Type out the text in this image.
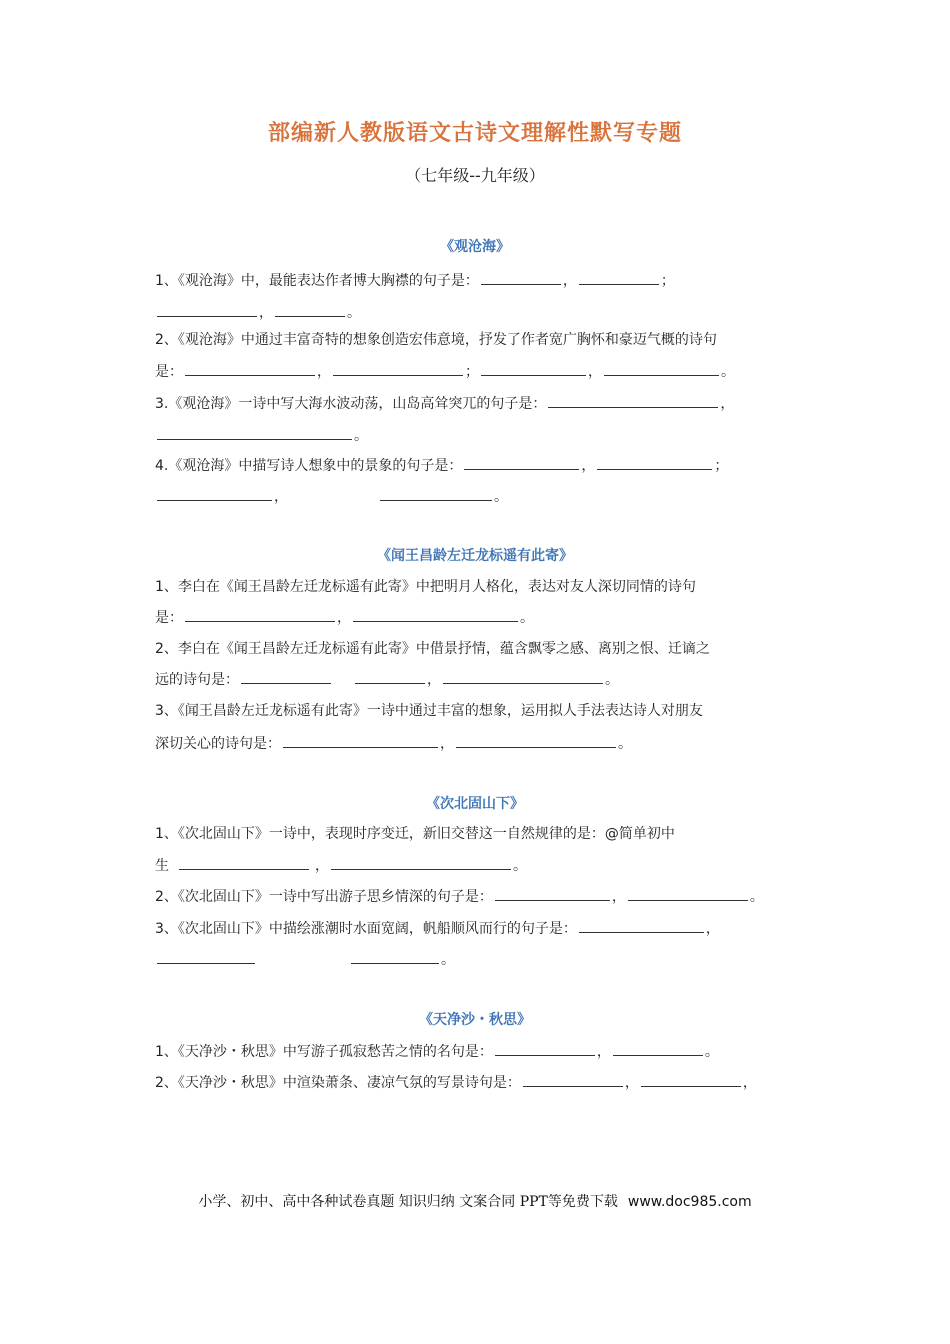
部编新人教版语文古诗文理解性默写专题
（七年级--九年级）
《观沧海》
1、《观沧海》中，最能表达作者博大胸襟的句子是：	，	；
，	。
2、《观沧海》中通过丰富奇特的想象创造宏伟意境，抒发了作者宽广胸怀和豪迈气概的诗句
是：	，	；	，	。
3.《观沧海》一诗中写大海水波动荡，山岛高耸突兀的句子是：	，
。
4.《观沧海》中描写诗人想象中的景象的句子是：	，	；
，	。
《闻王昌龄左迁龙标遥有此寄》
1、李白在《闻王昌龄左迁龙标遥有此寄》中把明月人格化，表达对友人深切同情的诗句
是：	，	。
2、李白在《闻王昌龄左迁龙标遥有此寄》中借景抒情，蕴含飘零之感、离别之恨、迁谪之
远的诗句是：	，	。
3、《闻王昌龄左迁龙标遥有此寄》一诗中通过丰富的想象，运用拟人手法表达诗人对朋友
深切关心的诗句是：	，	。
《次北固山下》
1、《次北固山下》一诗中，表现时序变迁，新旧交替这一自然规律的是：@简单初中
生	，	。
2、《次北固山下》一诗中写出游子思乡情深的句子是：	，	。
3、《次北固山下》中描绘涨潮时水面宽阔，帆船顺风而行的句子是：	，
。
《天净沙・秋思》
1、《天净沙・秋思》中写游子孤寂愁苦之情的名句是：	，	。
2、《天净沙・秋思》中渲染萧条、凄凉气氛的写景诗句是：	，	，
小学、初中、高中各种试卷真题 知识归纳 文案合同 PPT等免费下载 www.doc985.com
